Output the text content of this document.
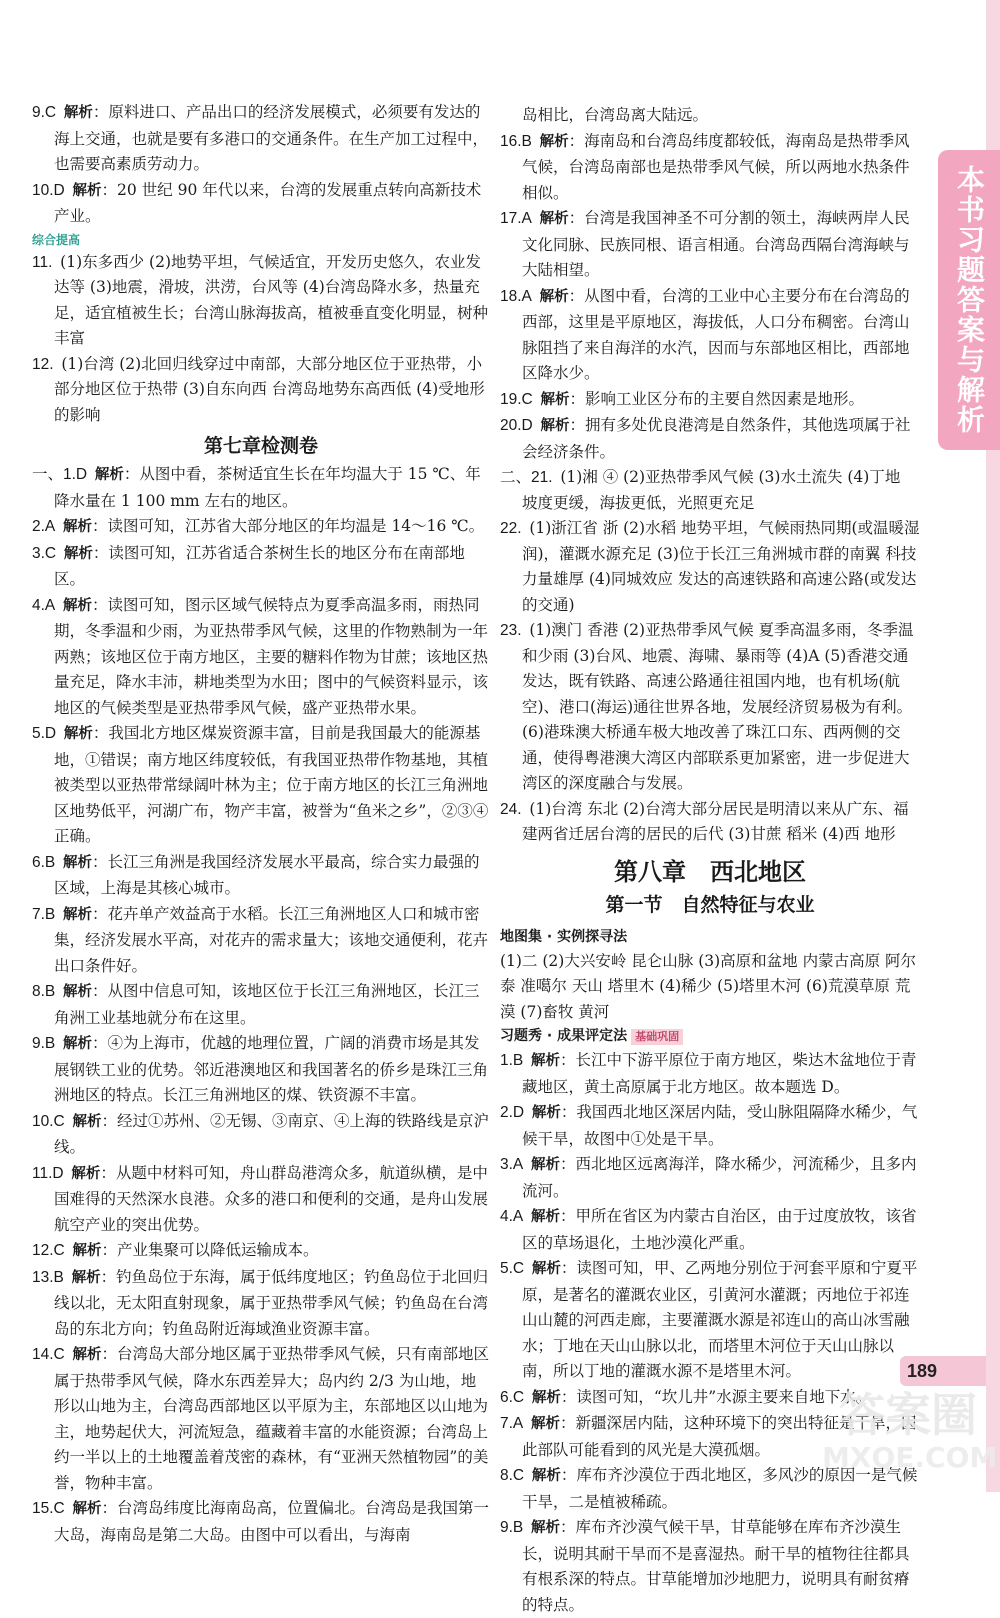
本书习题答案与解析

9.C  解析：原料进口、产品出口的经济发展模式，必须要有发达的海上交通，也就是要有多港口的交通条件。在生产加工过程中，也需要高素质劳动力。

10.D  解析：20 世纪 90 年代以来，台湾的发展重点转向高新技术产业。

综合提高

11.  (1)东多西少 (2)地势平坦，气候适宜，开发历史悠久，农业发达等 (3)地震，滑坡，洪涝，台风等 (4)台湾岛降水多，热量充足，适宜植被生长；台湾山脉海拔高，植被垂直变化明显，树种丰富

12.  (1)台湾 (2)北回归线穿过中南部，大部分地区位于亚热带，小部分地区位于热带 (3)自东向西 台湾岛地势东高西低 (4)受地形的影响

第七章检测卷

一、1.D  解析：从图中看，茶树适宜生长在年均温大于 15 ℃、年降水量在 1 100 mm 左右的地区。

2.A  解析：读图可知，江苏省大部分地区的年均温是 14～16 ℃。

3.C  解析：读图可知，江苏省适合茶树生长的地区分布在南部地区。

4.A  解析：读图可知，图示区域气候特点为夏季高温多雨，雨热同期，冬季温和少雨，为亚热带季风气候，这里的作物熟制为一年两熟；该地区位于南方地区，主要的糖料作物为甘蔗；该地区热量充足，降水丰沛，耕地类型为水田；图中的气候资料显示，该地区的气候类型是亚热带季风气候，盛产亚热带水果。

5.D  解析：我国北方地区煤炭资源丰富，目前是我国最大的能源基地，①错误；南方地区纬度较低，有我国亚热带作物基地，其植被类型以亚热带常绿阔叶林为主；位于南方地区的长江三角洲地区地势低平，河湖广布，物产丰富，被誉为“鱼米之乡”，②③④正确。

6.B  解析：长江三角洲是我国经济发展水平最高，综合实力最强的区域，上海是其核心城市。

7.B  解析：花卉单产效益高于水稻。长江三角洲地区人口和城市密集，经济发展水平高，对花卉的需求量大；该地交通便利，花卉出口条件好。

8.B  解析：从图中信息可知，该地区位于长江三角洲地区，长江三角洲工业基地就分布在这里。

9.B  解析：④为上海市，优越的地理位置，广阔的消费市场是其发展钢铁工业的优势。邻近港澳地区和我国著名的侨乡是珠江三角洲地区的特点。长江三角洲地区的煤、铁资源不丰富。

10.C  解析：经过①苏州、②无锡、③南京、④上海的铁路线是京沪线。

11.D  解析：从题中材料可知，舟山群岛港湾众多，航道纵横，是中国难得的天然深水良港。众多的港口和便利的交通，是舟山发展航空产业的突出优势。

12.C  解析：产业集聚可以降低运输成本。

13.B  解析：钓鱼岛位于东海，属于低纬度地区；钓鱼岛位于北回归线以北，无太阳直射现象，属于亚热带季风气候；钓鱼岛在台湾岛的东北方向；钓鱼岛附近海域渔业资源丰富。

14.C  解析：台湾岛大部分地区属于亚热带季风气候，只有南部地区属于热带季风气候，降水东西差异大；岛内约 2/3 为山地，地形以山地为主，台湾岛西部地区以平原为主，东部地区以山地为主，地势起伏大，河流短急，蕴藏着丰富的水能资源；台湾岛上约一半以上的土地覆盖着茂密的森林，有“亚洲天然植物园”的美誉，物种丰富。

15.C  解析：台湾岛纬度比海南岛高，位置偏北。台湾岛是我国第一大岛，海南岛是第二大岛。由图中可以看出，与海南

岛相比，台湾岛离大陆远。

16.B  解析：海南岛和台湾岛纬度都较低，海南岛是热带季风气候，台湾岛南部也是热带季风气候，所以两地水热条件相似。

17.A  解析：台湾是我国神圣不可分割的领土，海峡两岸人民文化同脉、民族同根、语言相通。台湾岛西隔台湾海峡与大陆相望。

18.A  解析：从图中看，台湾的工业中心主要分布在台湾岛的西部，这里是平原地区，海拔低，人口分布稠密。台湾山脉阻挡了来自海洋的水汽，因而与东部地区相比，西部地区降水少。

19.C  解析：影响工业区分布的主要自然因素是地形。

20.D  解析：拥有多处优良港湾是自然条件，其他选项属于社会经济条件。

二、21.  (1)湘 ④ (2)亚热带季风气候 (3)水土流失 (4)丁地 坡度更缓，海拔更低，光照更充足

22.  (1)浙江省 浙 (2)水稻 地势平坦，气候雨热同期(或温暖湿润)，灌溉水源充足 (3)位于长江三角洲城市群的南翼 科技力量雄厚 (4)同城效应 发达的高速铁路和高速公路(或发达的交通)

23.  (1)澳门 香港 (2)亚热带季风气候 夏季高温多雨，冬季温和少雨 (3)台风、地震、海啸、暴雨等 (4)A (5)香港交通发达，既有铁路、高速公路通往祖国内地，也有机场(航空)、港口(海运)通往世界各地，发展经济贸易极为有利。 (6)港珠澳大桥通车极大地改善了珠江口东、西两侧的交通，使得粤港澳大湾区内部联系更加紧密，进一步促进大湾区的深度融合与发展。

24.  (1)台湾 东北 (2)台湾大部分居民是明清以来从广东、福建两省迁居台湾的居民的后代 (3)甘蔗 稻米 (4)西 地形

第八章　西北地区

第一节　自然特征与农业

地图集 · 实例探寻法

(1)二 (2)大兴安岭 昆仑山脉 (3)高原和盆地 内蒙古高原 阿尔泰 准噶尔 天山 塔里木 (4)稀少 (5)塔里木河 (6)荒漠草原 荒漠 (7)畜牧 黄河

习题秀 · 成果评定法 基础巩固

1.B  解析：长江中下游平原位于南方地区，柴达木盆地位于青藏地区，黄土高原属于北方地区。故本题选 D。

2.D  解析：我国西北地区深居内陆，受山脉阻隔降水稀少，气候干旱，故图中①处是干旱。

3.A  解析：西北地区远离海洋，降水稀少，河流稀少，且多内流河。

4.A  解析：甲所在省区为内蒙古自治区，由于过度放牧，该省区的草场退化，土地沙漠化严重。

5.C  解析：读图可知，甲、乙两地分别位于河套平原和宁夏平原，是著名的灌溉农业区，引黄河水灌溉；丙地位于祁连山山麓的河西走廊，主要灌溉水源是祁连山的高山冰雪融水；丁地在天山山脉以北，而塔里木河位于天山山脉以南，所以丁地的灌溉水源不是塔里木河。

6.C  解析：读图可知，“坎儿井”水源主要来自地下水。

7.A  解析：新疆深居内陆，这种环境下的突出特征是干旱，因此部队可能看到的风光是大漠孤烟。

8.C  解析：库布齐沙漠位于西北地区，多风沙的原因一是气候干旱，二是植被稀疏。

9.B  解析：库布齐沙漠气候干旱，甘草能够在库布齐沙漠生长，说明其耐干旱而不是喜湿热。耐干旱的植物往往都具有根系深的特点。甘草能增加沙地肥力，说明具有耐贫瘠的特点。

189
答案圈
MXQE.COM
